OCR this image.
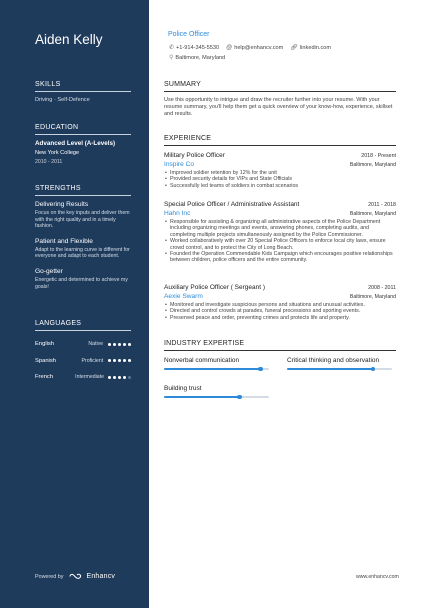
Aiden Kelly
SKILLS
Driving · Self-Defence
EDUCATION
Advanced Level (A-Levels)
New York College
2010 - 2011
STRENGTHS
Delivering Results
Focus on the key inputs and deliver them with the right quality and in a timely fashion.
Patient and Flexible
Adapt to the learning curve is different for everyone and adapt to each student.
Go-getter
Energetic and determined to achieve my goals!
LANGUAGES
English	Native
Spanish	Proficient
French	Intermediate
Powered by	Enhancv
Police Officer
✆ +1-914-345-5530 @ help@enhancv.com 🔗︎ linkedin.com
⚲ Baltimore, Maryland
SUMMARY
Use this opportunity to intrigue and draw the recruiter further into your resume. With your resume summary, you'll help them get a quick overview of your know-how, experience, skillset and results.
EXPERIENCE
Military Police Officer	2018 - Present
Inspire Co	Baltimore, Maryland
• Improved soldier retention by 12% for the unit
• Provided security details for VIPs and State Officials
• Successfully led teams of soldiers in combat scenarios
Special Police Officer / Administrative Assistant	2011 - 2018
Hahn Inc	Baltimore, Maryland
• Responsible for assisting & organizing all administrative aspects of the Police Department including organizing meetings and events, answering phones, completing audits, and completing multiple projects simultaneously assigned by the Police Commissioner.
• Worked collaboratively with over 20 Special Police Officers to enforce local city laws, ensure crowd control, and to protect the City of Long Beach.
• Founded the Operation Commendable Kids Campaign which encourages positive relationships between children, police officers and the entire community.
Auxiliary Police Officer ( Sergeant )	2008 - 2011
Aexie Swarm	Baltimore, Maryland
• Monitored and investigate suspicious persons and situations and unusual activities.
• Directed and control crowds at parades, funeral processions and sporting events.
• Preserved peace and order, preventing crimes and protects life and property.
INDUSTRY EXPERTISE
Nonverbal communication	Critical thinking and observation
Building trust
www.enhancv.com
